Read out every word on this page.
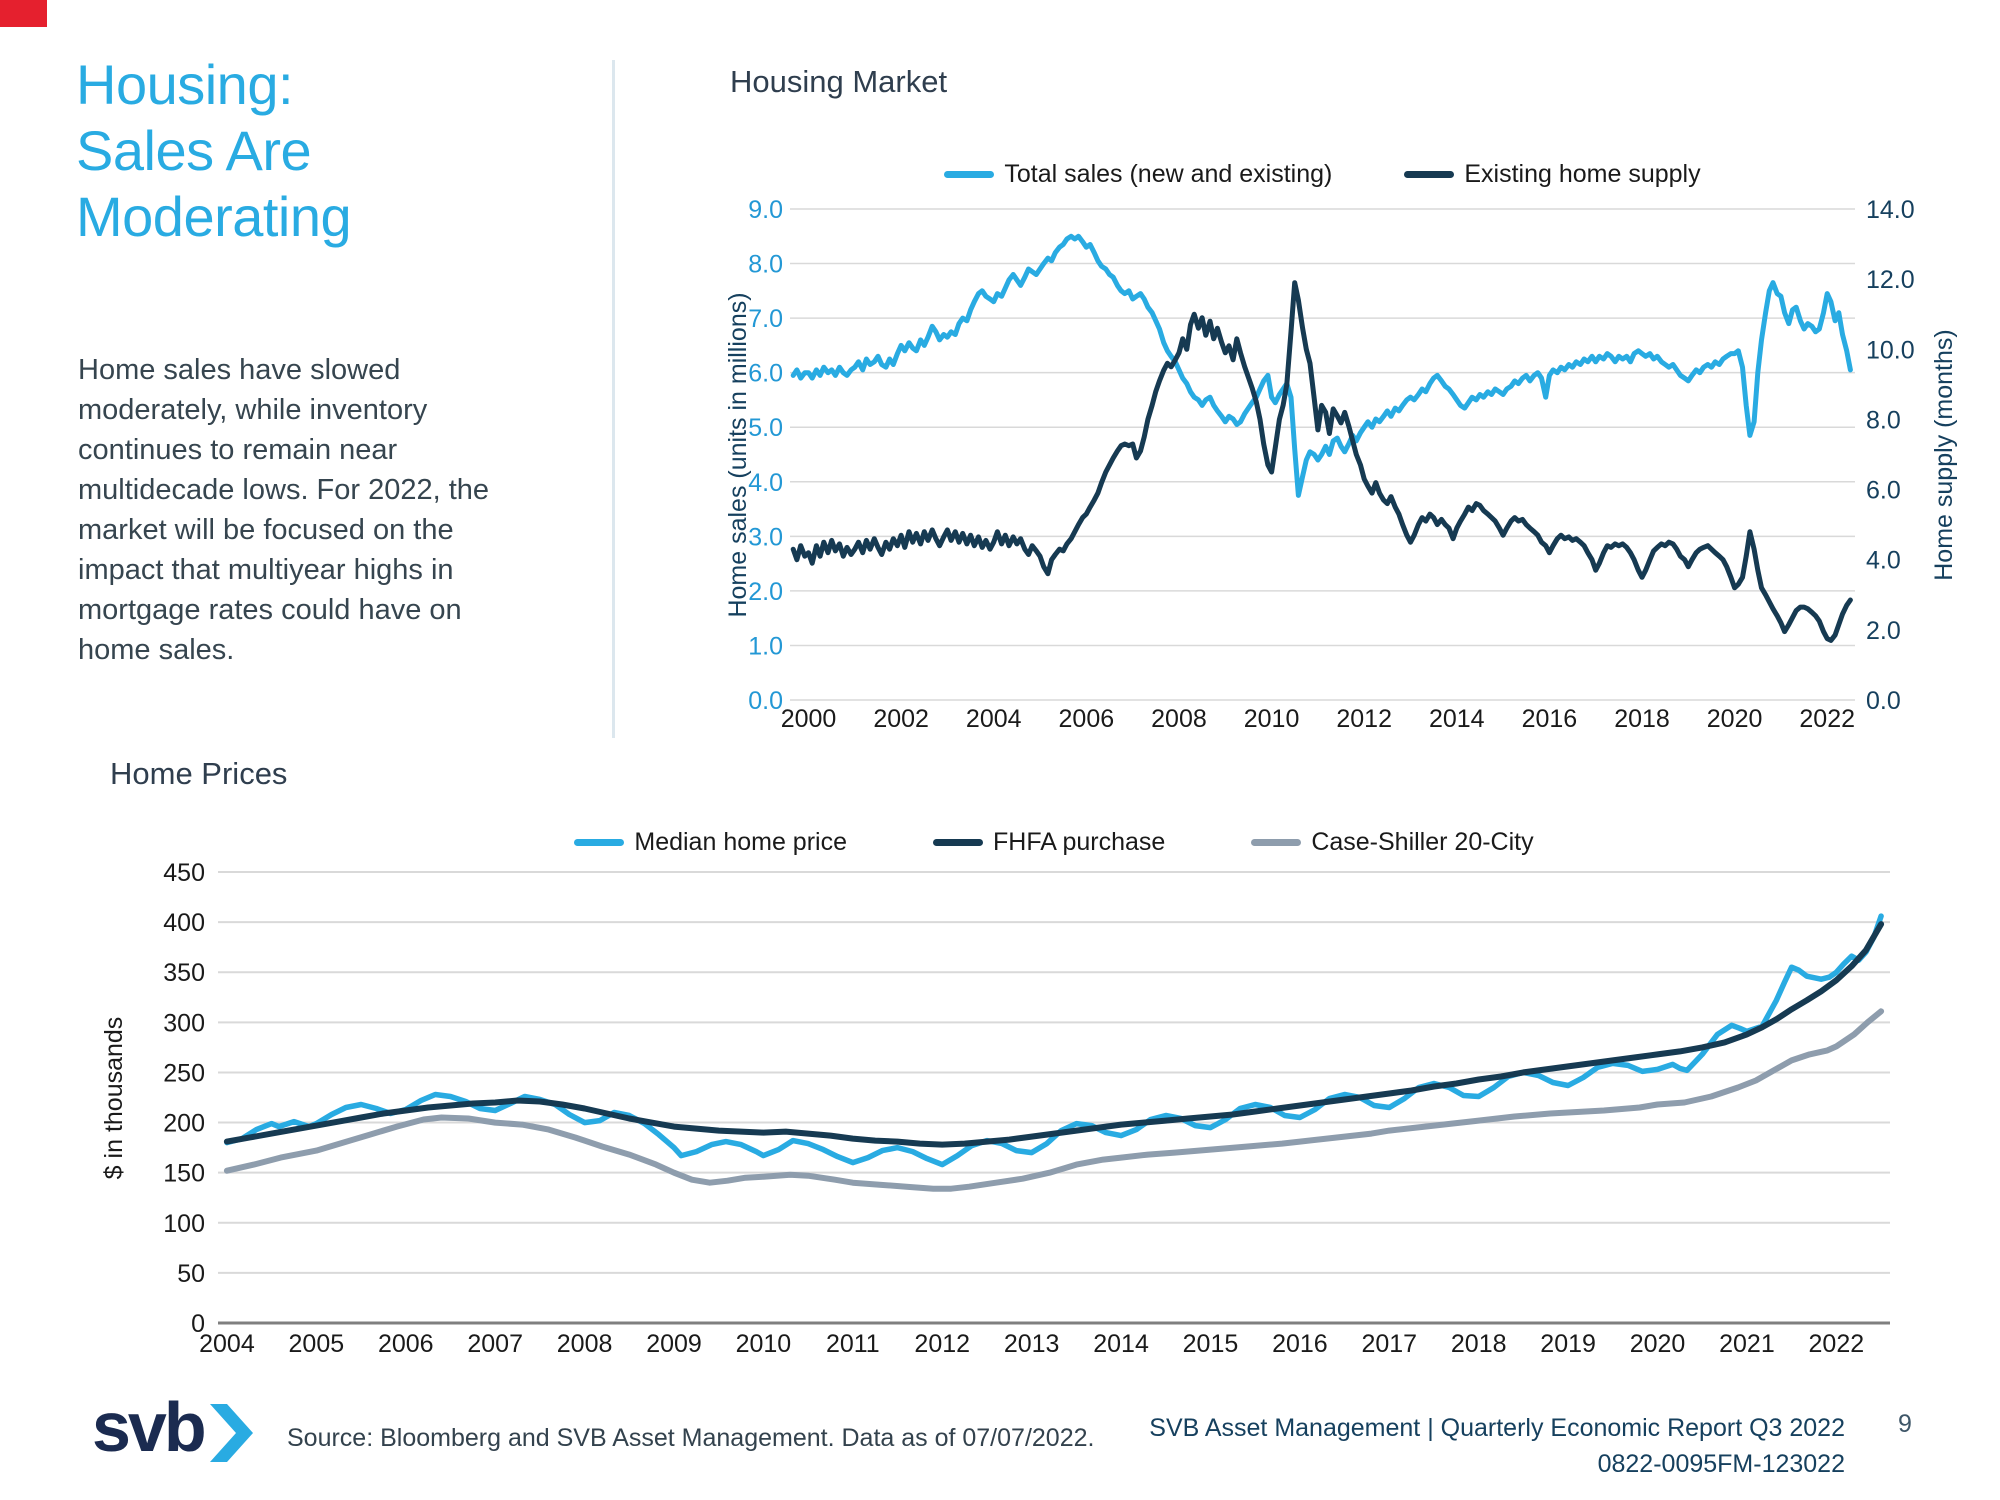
Housing:
Sales Are
Moderating
Home sales have slowed moderately, while inventory continues to remain near multidecade lows. For 2022, the market will be focused on the impact that multiyear highs in mortgage rates could have on home sales.
Housing Market
Total sales (new and existing)	Existing home supply
0.0
1.0
2.0
3.0
4.0
5.0
6.0
7.0
8.0
9.0
0.0
2.0
4.0
6.0
8.0
10.0
12.0
14.0
Home supply (months)
Home sales (units in millions)
2000 2002 2004 2006 2008 2010 2012 2014 2016 2018 2020 2022
Home Prices
Median home price	FHFA purchase	Case-Shiller 20-City
0
50
100
150
200
250
300
350
400
450
$ in thousands
2004 2005 2006 2007 2008 2009 2010 2011 2012 2013 2014 2015 2016 2017 2018 2019 2020 2021 2022
svb	Source: Bloomberg and SVB Asset Management. Data as of 07/07/2022. SVB Asset Management | Quarterly Economic Report Q3 2022
0822-0095FM-123022
9
